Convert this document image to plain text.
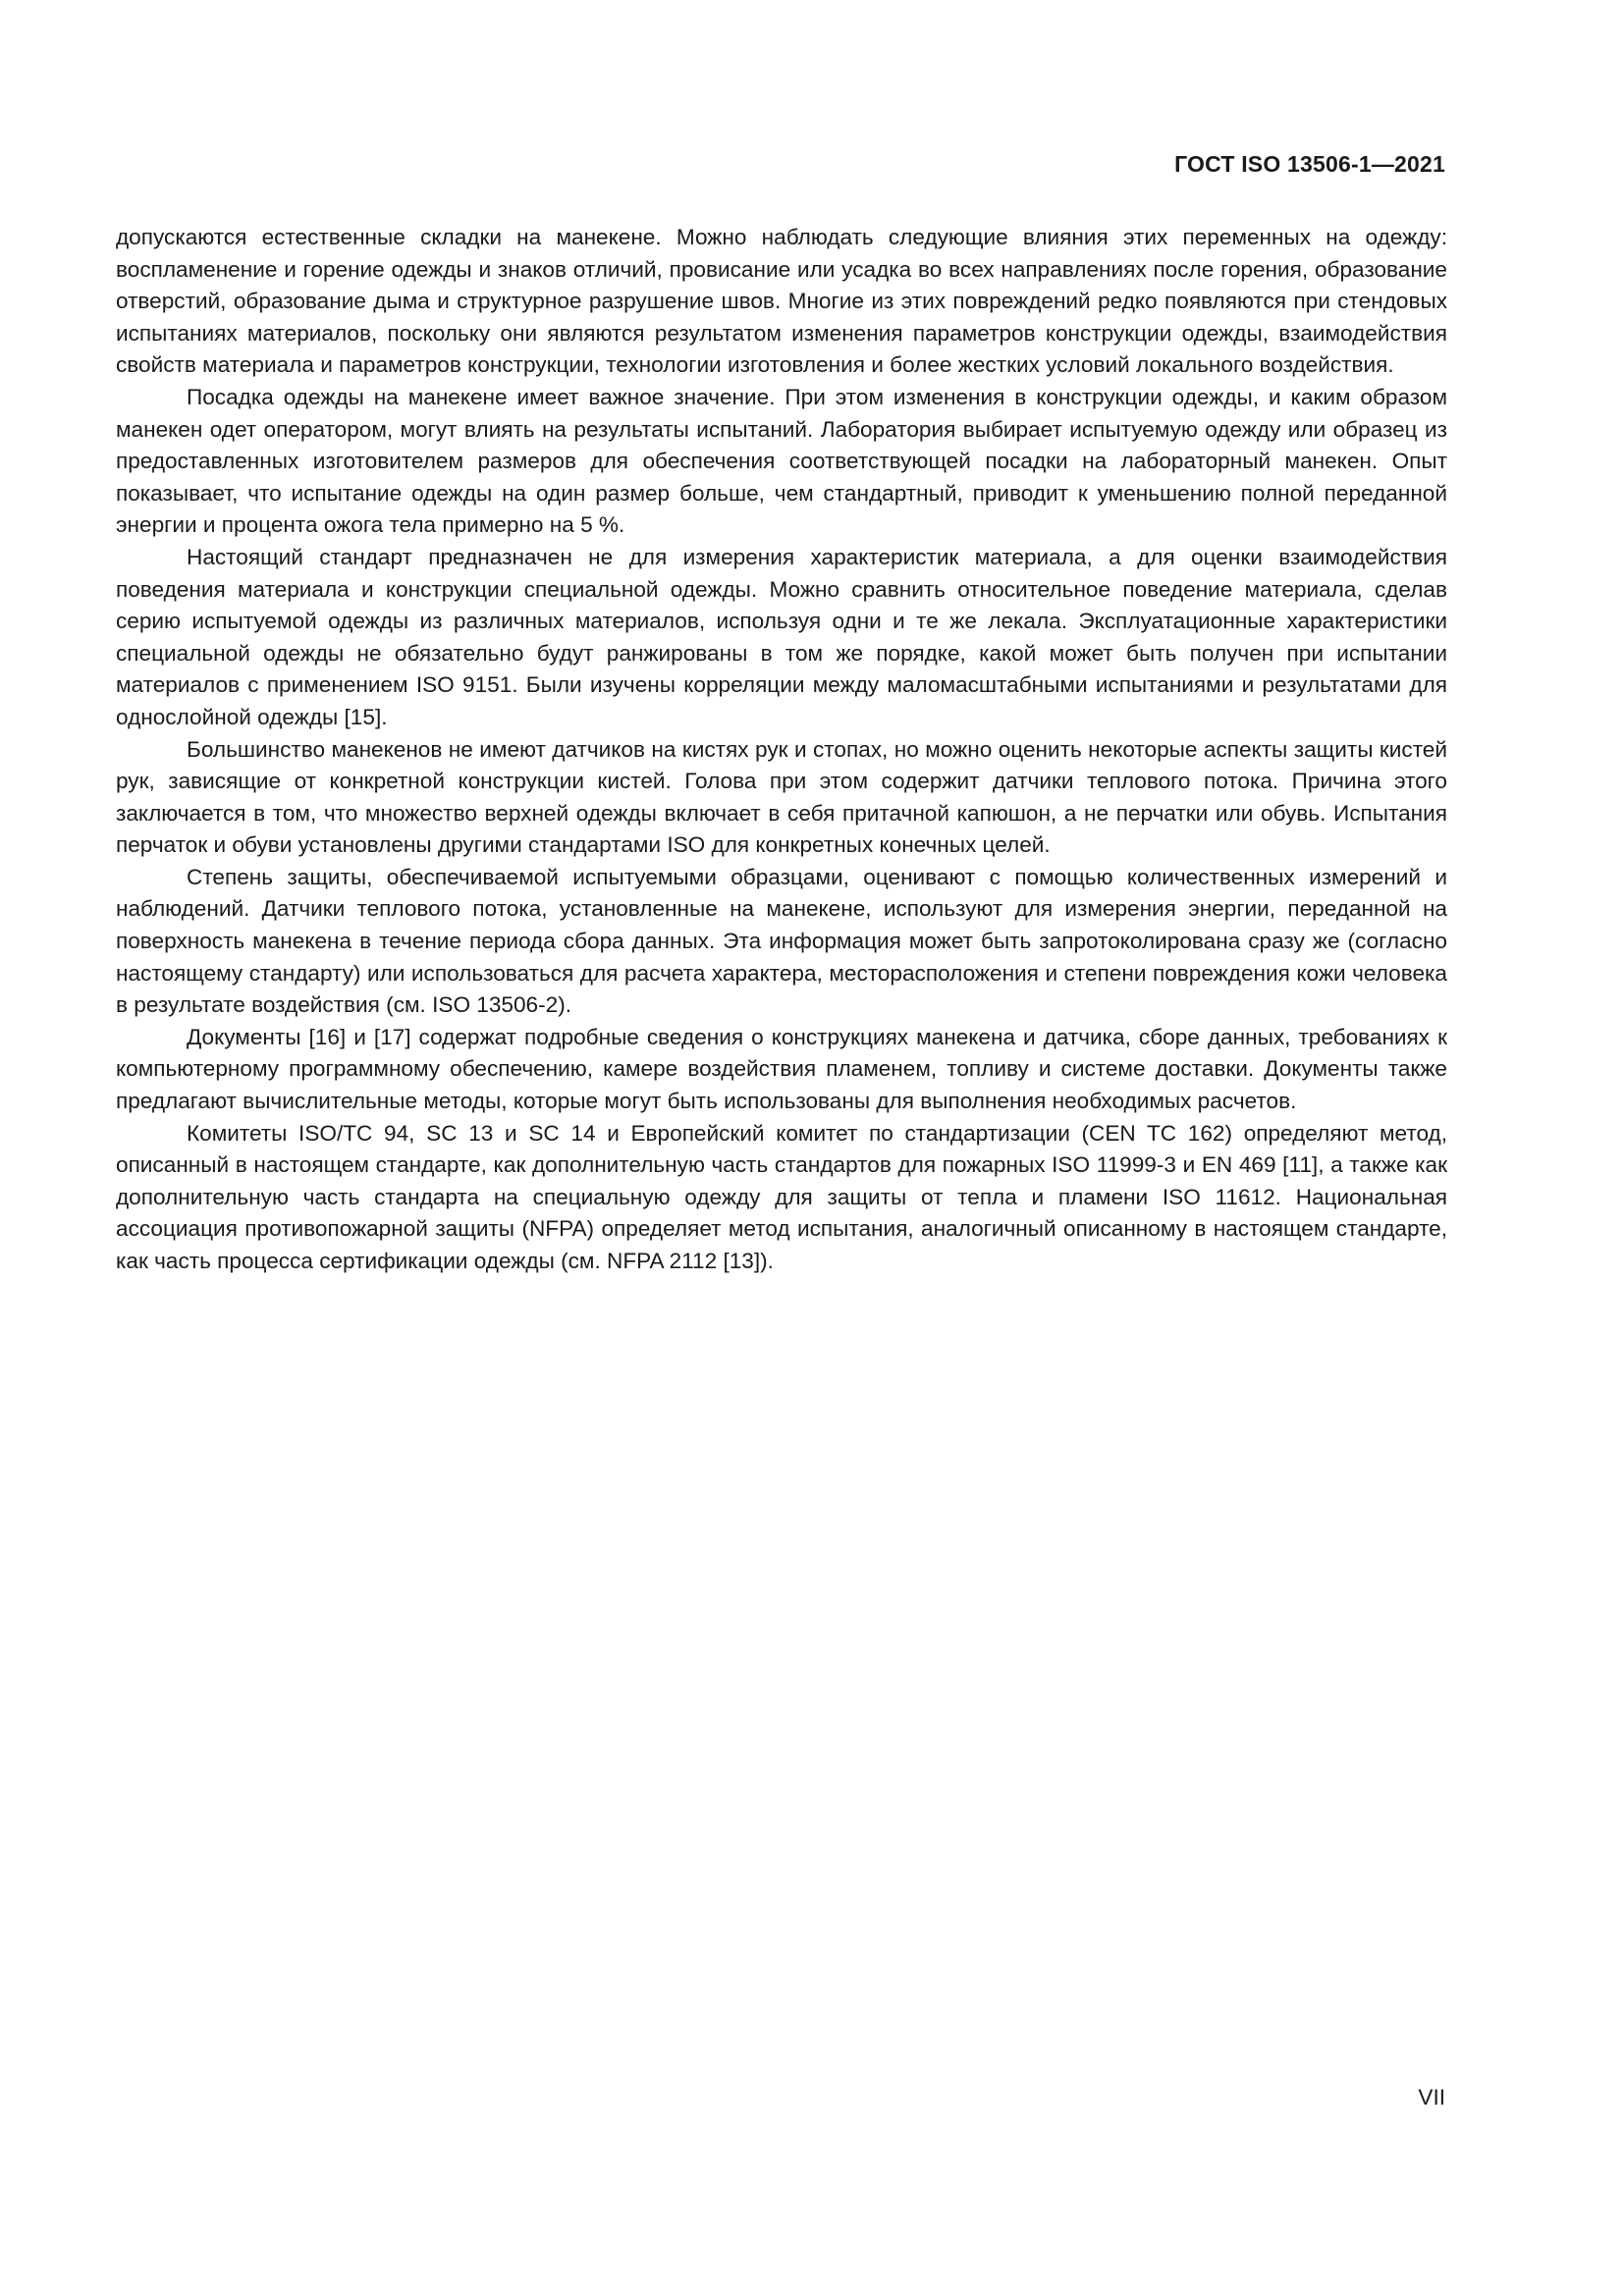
ГОСТ ISO 13506-1—2021

допускаются естественные складки на манекене. Можно наблюдать следующие влияния этих переменных на одежду: воспламенение и горение одежды и знаков отличий, провисание или усадка во всех направлениях после горения, образование отверстий, образование дыма и структурное разрушение швов. Многие из этих повреждений редко появляются при стендовых испытаниях материалов, поскольку они являются результатом изменения параметров конструкции одежды, взаимодействия свойств материала и параметров конструкции, технологии изготовления и более жестких условий локального воздействия.

Посадка одежды на манекене имеет важное значение. При этом изменения в конструкции одежды, и каким образом манекен одет оператором, могут влиять на результаты испытаний. Лаборатория выбирает испытуемую одежду или образец из предоставленных изготовителем размеров для обеспечения соответствующей посадки на лабораторный манекен. Опыт показывает, что испытание одежды на один размер больше, чем стандартный, приводит к уменьшению полной переданной энергии и процента ожога тела примерно на 5 %.

Настоящий стандарт предназначен не для измерения характеристик материала, а для оценки взаимодействия поведения материала и конструкции специальной одежды. Можно сравнить относительное поведение материала, сделав серию испытуемой одежды из различных материалов, используя одни и те же лекала. Эксплуатационные характеристики специальной одежды не обязательно будут ранжированы в том же порядке, какой может быть получен при испытании материалов с применением ISO 9151. Были изучены корреляции между маломасштабными испытаниями и результатами для однослойной одежды [15].

Большинство манекенов не имеют датчиков на кистях рук и стопах, но можно оценить некоторые аспекты защиты кистей рук, зависящие от конкретной конструкции кистей. Голова при этом содержит датчики теплового потока. Причина этого заключается в том, что множество верхней одежды включает в себя притачной капюшон, а не перчатки или обувь. Испытания перчаток и обуви установлены другими стандартами ISO для конкретных конечных целей.

Степень защиты, обеспечиваемой испытуемыми образцами, оценивают с помощью количественных измерений и наблюдений. Датчики теплового потока, установленные на манекене, используют для измерения энергии, переданной на поверхность манекена в течение периода сбора данных. Эта информация может быть запротоколирована сразу же (согласно настоящему стандарту) или использоваться для расчета характера, месторасположения и степени повреждения кожи человека в результате воздействия (см. ISO 13506-2).

Документы [16] и [17] содержат подробные сведения о конструкциях манекена и датчика, сборе данных, требованиях к компьютерному программному обеспечению, камере воздействия пламенем, топливу и системе доставки. Документы также предлагают вычислительные методы, которые могут быть использованы для выполнения необходимых расчетов.

Комитеты ISO/TC 94, SC 13 и SC 14 и Европейский комитет по стандартизации (CEN TC 162) определяют метод, описанный в настоящем стандарте, как дополнительную часть стандартов для пожарных ISO 11999-3 и EN 469 [11], а также как дополнительную часть стандарта на специальную одежду для защиты от тепла и пламени ISO 11612. Национальная ассоциация противопожарной защиты (NFPA) определяет метод испытания, аналогичный описанному в настоящем стандарте, как часть процесса сертификации одежды (см. NFPA 2112 [13]).

VII
